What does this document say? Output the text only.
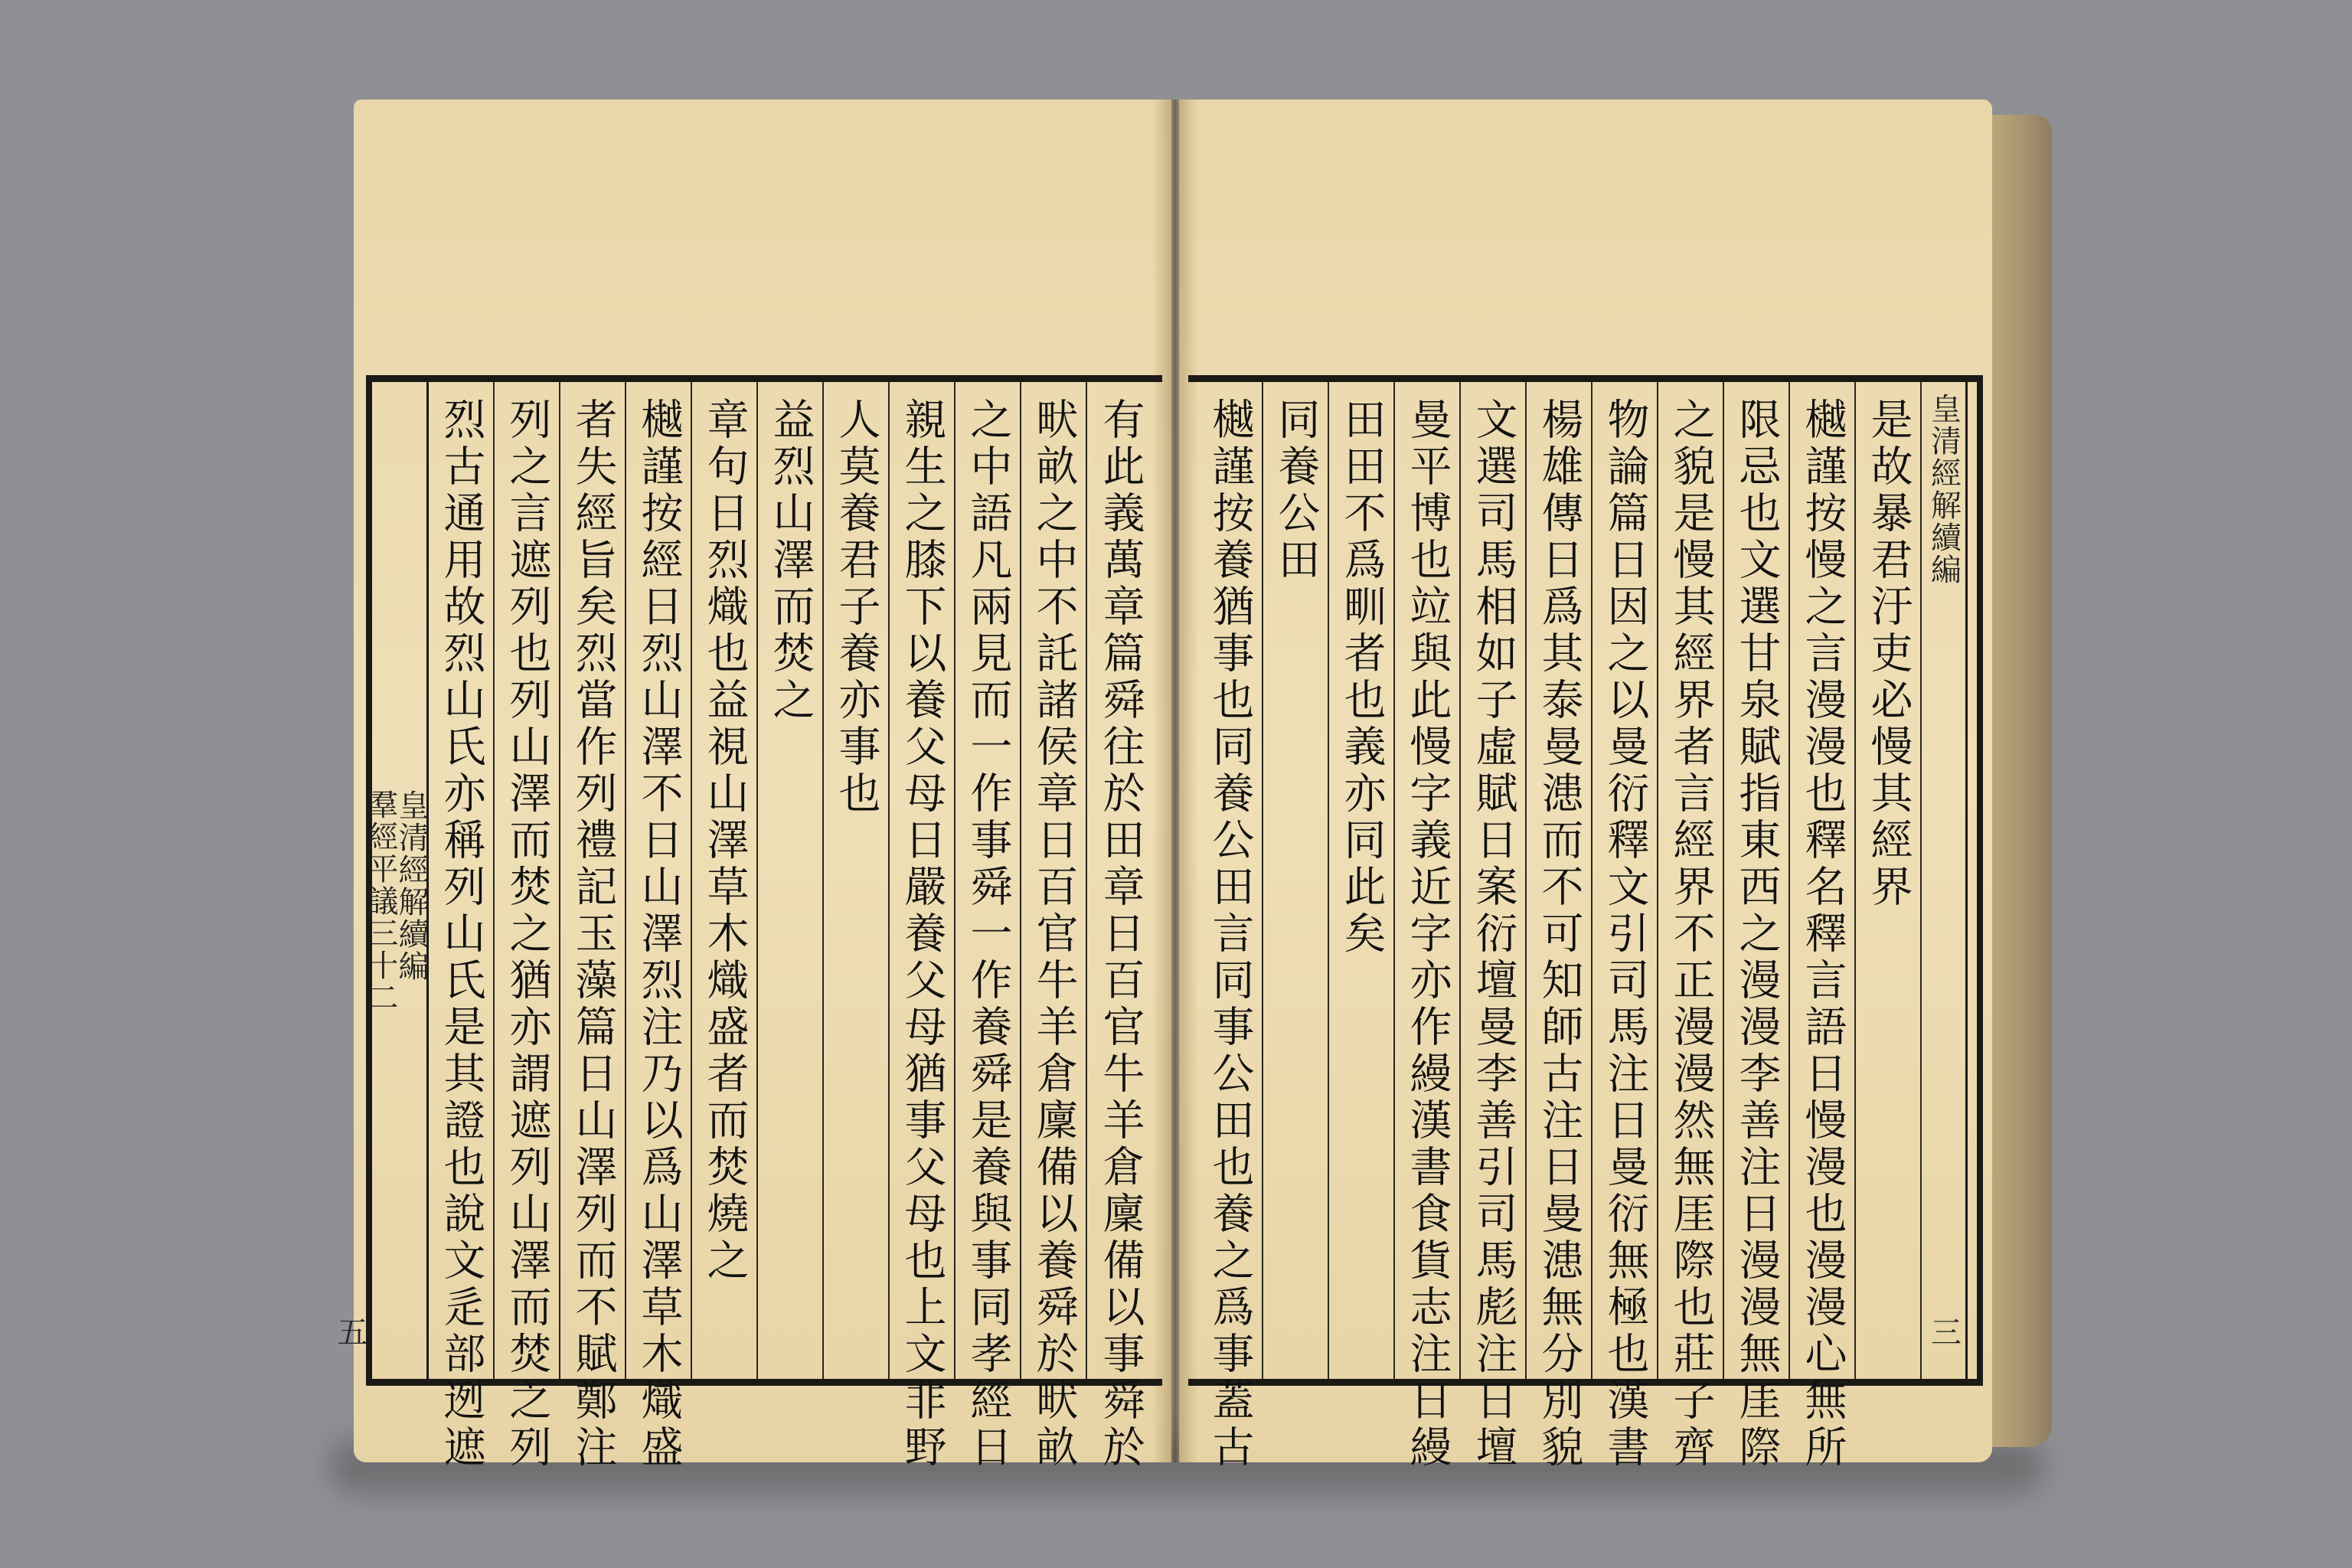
有此義萬章篇舜往於田章日百官牛羊倉廩備以事舜於
畎畝之中不託諸侯章日百官牛羊倉廩備以養舜於畎畝
之中語凡兩見而一作事舜一作養舜是養與事同孝經日
親生之膝下以養父母日嚴養父母猶事父母也上文非野
人莫養君子養亦事也
益烈山澤而焚之
章句日烈熾也益視山澤草木熾盛者而焚燒之
樾謹按經日烈山澤不日山澤烈注乃以爲山澤草木熾盛
者失經旨矣烈當作列禮記玉藻篇日山澤列而不賦鄭注
列之言遮列也列山澤而焚之猶亦謂遮列山澤而焚之列
烈古通用故烈山氏亦稱列山氏是其證也說文辵部迾遮
皇清經解續編
羣經平議三十二
五
皇清經解續編
三
是故暴君汙吏必慢其經界
樾謹按慢之言漫漫也釋名釋言語日慢漫也漫漫心無所
限忌也文選甘泉賦指東西之漫漫李善注日漫漫無厓際
之貌是慢其經界者言經界不正漫漫然無厓際也莊子齊
物論篇日因之以曼衍釋文引司馬注日曼衍無極也漢書
楊雄傳日爲其泰曼漶而不可知師古注日曼漶無分別貌
文選司馬相如子虛賦日案衍壇曼李善引司馬彪注日壇
曼平博也竝與此慢字義近字亦作縵漢書食貨志注日縵
田田不爲甽者也義亦同此矣
同養公田
樾謹按養猶事也同養公田言同事公田也養之爲事蓋古
